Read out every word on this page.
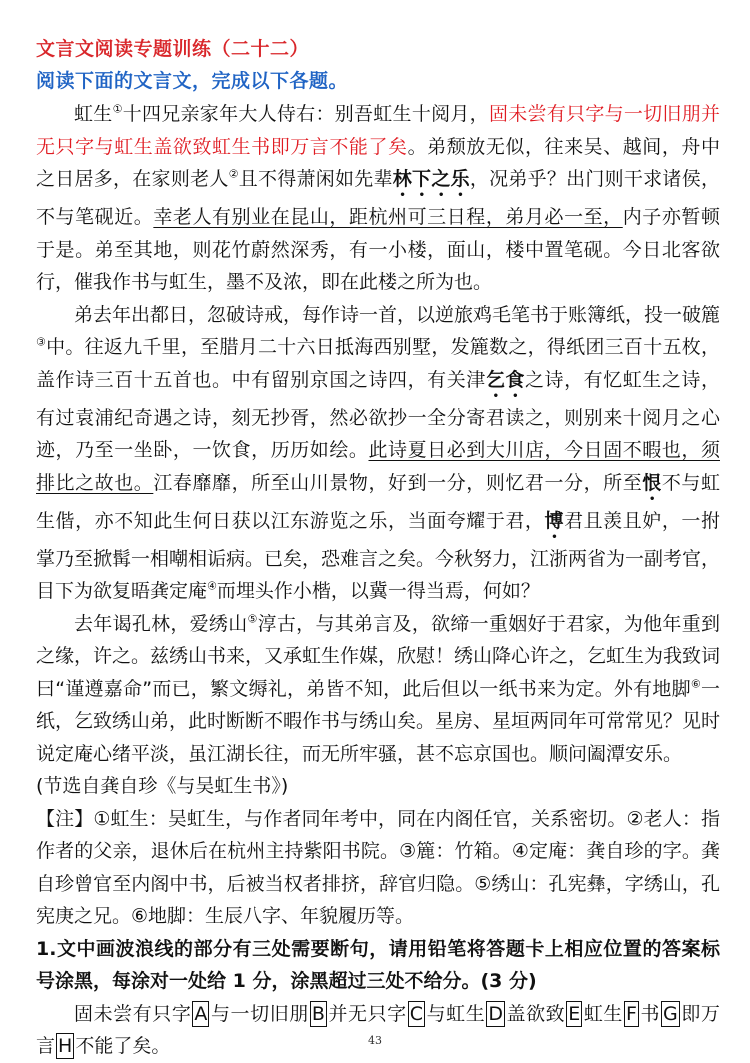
文言文阅读专题训练（二十二）
阅读下面的文言文，完成以下各题。

虹生①十四兄亲家年大人侍右：别吾虹生十阅月，固未尝有只字与一切旧朋并无只字与虹生盖欲致虹生书即万言不能了矣。弟颓放无似，往来吴、越间，舟中之日居多，在家则老人②且不得萧闲如先辈林下之乐，况弟乎？出门则干求诸侯，不与笔砚近。幸老人有别业在昆山，距杭州可三日程，弟月必一至，内子亦暂顿于是。弟至其地，则花竹蔚然深秀，有一小楼，面山，楼中置笔砚。今日北客欲行，催我作书与虹生，墨不及浓，即在此楼之所为也。

弟去年出都日，忽破诗戒，每作诗一首，以逆旅鸡毛笔书于账簿纸，投一破簏③中。往返九千里，至腊月二十六日抵海西别墅，发簏数之，得纸团三百十五枚，盖作诗三百十五首也。中有留别京国之诗四，有关津乞食之诗，有忆虹生之诗，有过袁浦纪奇遇之诗，刻无抄胥，然必欲抄一全分寄君读之，则别来十阅月之心迹，乃至一坐卧，一饮食，历历如绘。此诗夏日必到大川店，今日固不暇也，须排比之故也。江春靡靡，所至山川景物，好到一分，则忆君一分，所至恨不与虹生偕，亦不知此生何日获以江东游览之乐，当面夸耀于君，博君且羡且妒，一拊掌乃至掀髯一相嘲相诟病。已矣，恐难言之矣。今秋努力，江浙两省为一副考官，目下为欲复晤龚定庵④而埋头作小楷，以冀一得当焉，何如？

去年谒孔林，爱绣山⑤淳古，与其弟言及，欲缔一重姻好于君家，为他年重到之缘，许之。兹绣山书来，又承虹生作媒，欣慰！绣山降心许之，乞虹生为我致词曰“谨遵嘉命”而已，繁文缛礼，弟皆不知，此后但以一纸书来为定。外有地脚⑥一纸，乞致绣山弟，此时断断不暇作书与绣山矣。星房、星垣两同年可常常见？见时说定庵心绪平淡，虽江湖长往，而无所牢骚，甚不忘京国也。顺问阖潭安乐。

(节选自龚自珍《与吴虹生书》)

【注】①虹生：吴虹生，与作者同年考中，同在内阁任官，关系密切。②老人：指作者的父亲，退休后在杭州主持紫阳书院。③簏：竹箱。④定庵：龚自珍的字。龚自珍曾官至内阁中书，后被当权者排挤，辞官归隐。⑤绣山：孔宪彝，字绣山，孔宪庚之兄。⑥地脚：生辰八字、年貌履历等。

1.文中画波浪线的部分有三处需要断句，请用铅笔将答题卡上相应位置的答案标号涂黑，每涂对一处给 1 分，涂黑超过三处不给分。(3 分)

固未尝有只字 A 与一切旧朋 B 并无只字 C 与虹生 D 盖欲致 E 虹生 F 书 G 即万言 H 不能了矣。	43
